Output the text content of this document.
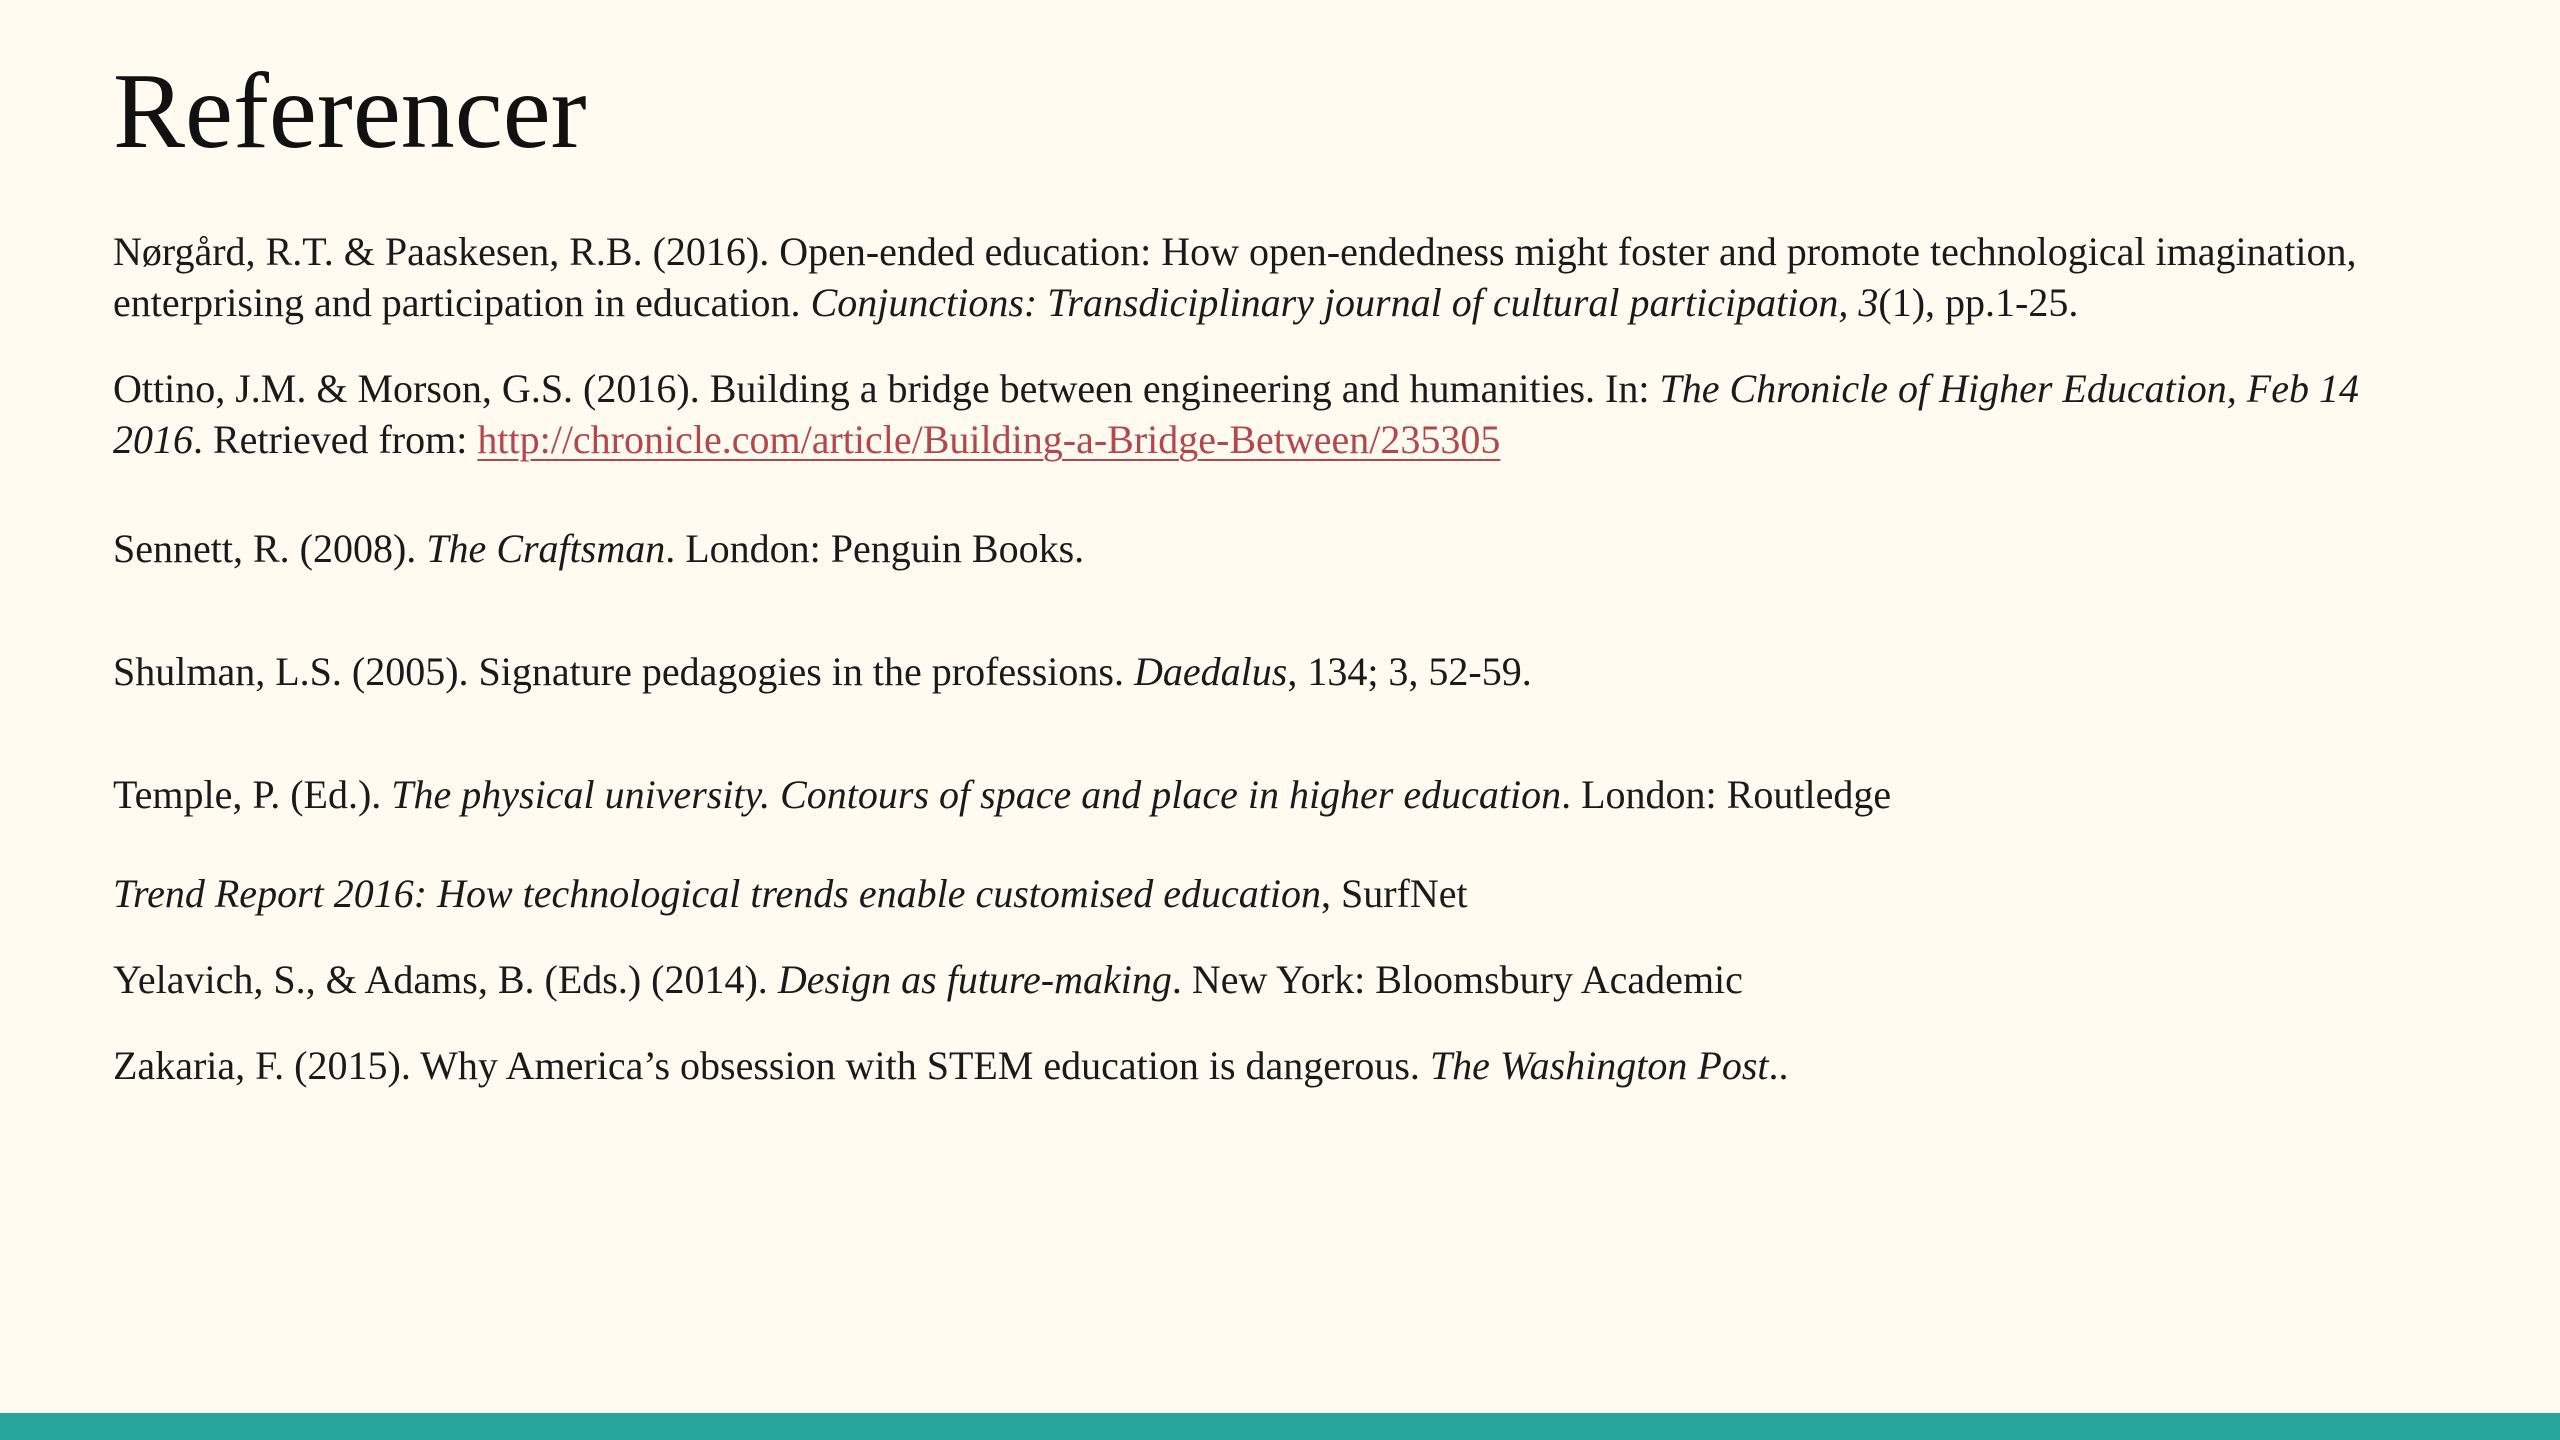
Referencer

Nørgård, R.T. & Paaskesen, R.B. (2016). Open-ended education: How open-endedness might foster and promote technological imagination, enterprising and participation in education. Conjunctions: Transdiciplinary journal of cultural participation, 3(1), pp.1-25.

Ottino, J.M. & Morson, G.S. (2016). Building a bridge between engineering and humanities. In: The Chronicle of Higher Education, Feb 14 2016. Retrieved from: http://chronicle.com/article/Building-a-Bridge-Between/235305

Sennett, R. (2008). The Craftsman. London: Penguin Books.

Shulman, L.S. (2005). Signature pedagogies in the professions. Daedalus, 134; 3, 52-59.

Temple, P. (Ed.). The physical university. Contours of space and place in higher education. London: Routledge

Trend Report 2016: How technological trends enable customised education, SurfNet

Yelavich, S., & Adams, B. (Eds.) (2014). Design as future-making. New York: Bloomsbury Academic

Zakaria, F. (2015). Why America’s obsession with STEM education is dangerous. The Washington Post..
